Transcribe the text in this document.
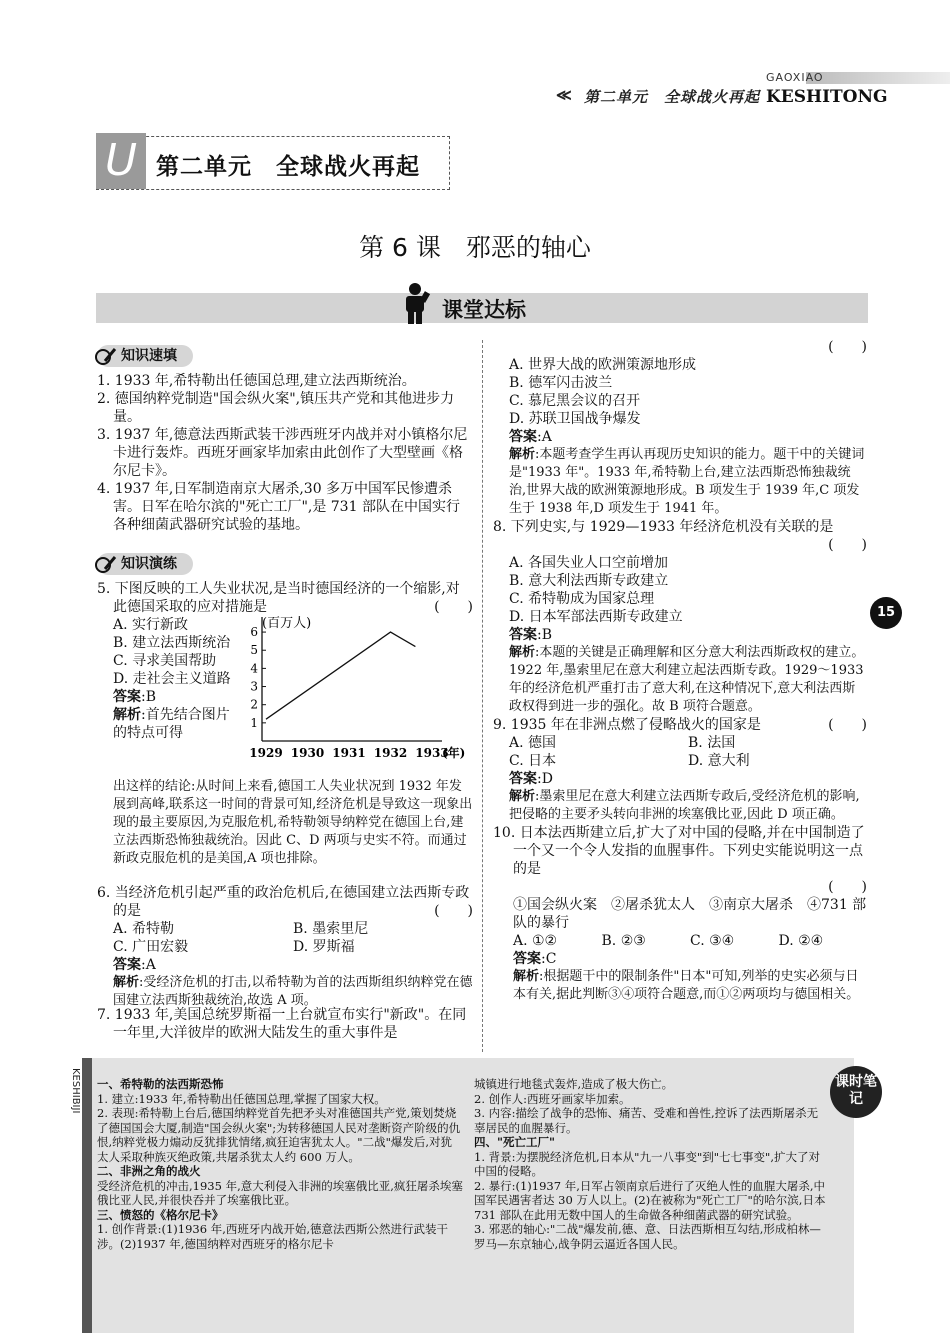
≪ 第二单元　全球战火再起
GAOXIAO
KESHITONG
U 第二单元　全球战火再起
第 6 课　邪恶的轴心
课堂达标
知识速填

1. 1933 年,希特勒出任德国总理,建立法西斯统治。

2. 德国纳粹党制造"国会纵火案",镇压共产党和其他进步力量。

3. 1937 年,德意法西斯武装干涉西班牙内战并对小镇格尔尼卡进行轰炸。西班牙画家毕加索由此创作了大型壁画《格尔尼卡》。

4. 1937 年,日军制造南京大屠杀,30 多万中国军民惨遭杀害。日军在哈尔滨的"死亡工厂",是 731 部队在中国实行各种细菌武器研究试验的基地。

知识演练

5. 下图反映的工人失业状况,是当时德国经济的一个缩影,对此德国采取的应对措施是	(　　)

A. 实行新政

B. 建立法西斯统治

C. 寻求美国帮助

D. 走社会主义道路

答案:B

解析:首先结合图片的特点可得

出这样的结论:从时间上来看,德国工人失业状况到 1932 年发展到高峰,联系这一时间的背景可知,经济危机是导致这一现象出现的最主要原因,为克服危机,希特勒领导纳粹党在德国上台,建立法西斯恐怖独裁统治。因此 C、D 两项与史实不符。而通过新政克服危机的是美国,A 项也排除。
(百万人)
1
2
3
4
5
6
1929 1930 1931 1932 1933
(年)

6. 当经济危机引起严重的政治危机后,在德国建立法西斯专政的是	(　　)

A. 希特勒	B. 墨索里尼
C. 广田宏毅	D. 罗斯福

答案:A

解析:受经济危机的打击,以希特勒为首的法西斯组织纳粹党在德国建立法西斯独裁统治,故选 A 项。

7. 1933 年,美国总统罗斯福一上台就宣布实行"新政"。在同一年里,大洋彼岸的欧洲大陆发生的重大事件是

(　　)

A. 世界大战的欧洲策源地形成

B. 德军闪击波兰

C. 慕尼黑会议的召开

D. 苏联卫国战争爆发

答案:A

解析:本题考查学生再认再现历史知识的能力。题干中的关键词是"1933 年"。1933 年,希特勒上台,建立法西斯恐怖独裁统治,世界大战的欧洲策源地形成。B 项发生于 1939 年,C 项发生于 1938 年,D 项发生于 1941 年。

8. 下列史实,与 1929—1933 年经济危机没有关联的是

(　　)

A. 各国失业人口空前增加

B. 意大利法西斯专政建立

C. 希特勒成为国家总理

D. 日本军部法西斯专政建立

答案:B

解析:本题的关键是正确理解和区分意大利法西斯政权的建立。1922 年,墨索里尼在意大利建立起法西斯专政。1929～1933 年的经济危机严重打击了意大利,在这种情况下,意大利法西斯政权得到进一步的强化。故 B 项符合题意。

9. 1935 年在非洲点燃了侵略战火的国家是	(　　)

A. 德国	B. 法国
C. 日本	D. 意大利

答案:D

解析:墨索里尼在意大利建立法西斯专政后,受经济危机的影响,把侵略的主要矛头转向非洲的埃塞俄比亚,因此 D 项正确。

10. 日本法西斯建立后,扩大了对中国的侵略,并在中国制造了一个又一个令人发指的血腥事件。下列史实能说明这一点的是

(　　)

①国会纵火案　②屠杀犹太人　③南京大屠杀　④731 部队的暴行

A. ①②	B. ②③	C. ③④	D. ②④

答案:C

解析:根据题干中的限制条件"日本"可知,列举的史实必须与日本有关,据此判断③④项符合题意,而①②两项均与德国相关。

15
KESHIBIJI	课时笔记

一、希特勒的法西斯恐怖

1. 建立:1933 年,希特勒出任德国总理,掌握了国家大权。

2. 表现:希特勒上台后,德国纳粹党首先把矛头对准德国共产党,策划焚烧了德国国会大厦,制造"国会纵火案";为转移德国人民对垄断资产阶级的仇恨,纳粹党极力煽动反犹排犹情绪,疯狂迫害犹太人。"二战"爆发后,对犹太人采取种族灭绝政策,共屠杀犹太人约 600 万人。

二、非洲之角的战火

受经济危机的冲击,1935 年,意大利侵入非洲的埃塞俄比亚,疯狂屠杀埃塞俄比亚人民,并很快吞并了埃塞俄比亚。

三、愤怒的《格尔尼卡》

1. 创作背景:(1)1936 年,西班牙内战开始,德意法西斯公然进行武装干涉。(2)1937 年,德国纳粹对西班牙的格尔尼卡

城镇进行地毯式轰炸,造成了极大伤亡。

2. 创作人:西班牙画家毕加索。

3. 内容:描绘了战争的恐怖、痛苦、受难和兽性,控诉了法西斯屠杀无辜居民的血腥暴行。

四、"死亡工厂"

1. 背景:为摆脱经济危机,日本从"九一八事变"到"七七事变",扩大了对中国的侵略。

2. 暴行:(1)1937 年,日军占领南京后进行了灭绝人性的血腥大屠杀,中国军民遇害者达 30 万人以上。(2)在被称为"死亡工厂"的哈尔滨,日本 731 部队在此用无数中国人的生命做各种细菌武器的研究试验。

3. 邪恶的轴心:"二战"爆发前,德、意、日法西斯相互勾结,形成柏林—罗马—东京轴心,战争阴云逼近各国人民。
